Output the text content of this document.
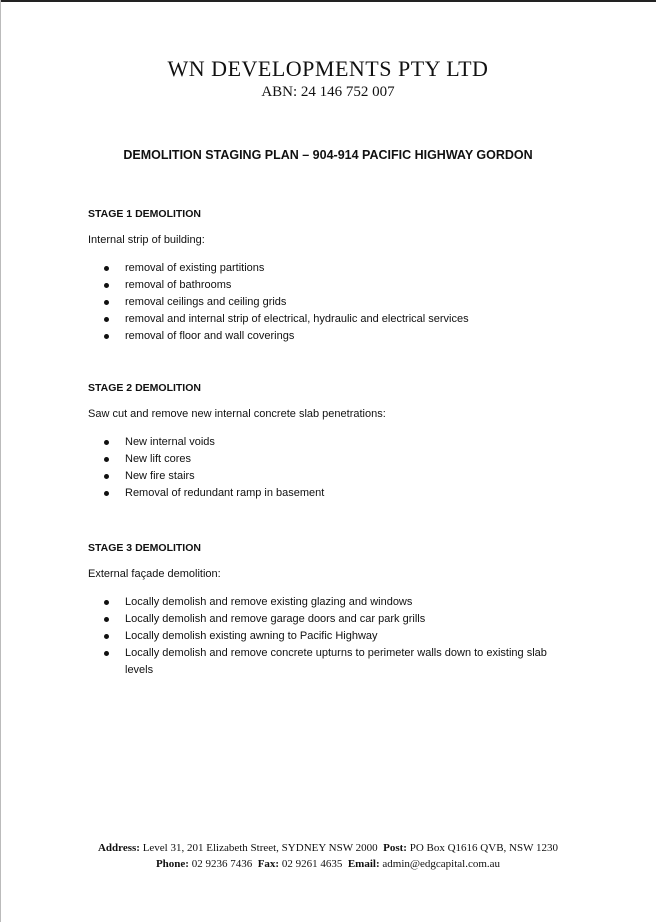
WN DEVELOPMENTS PTY LTD
ABN: 24 146 752 007
DEMOLITION STAGING PLAN – 904-914 PACIFIC HIGHWAY GORDON

STAGE 1 DEMOLITION

Internal strip of building:

removal of existing partitions
removal of bathrooms
removal ceilings and ceiling grids
removal and internal strip of electrical, hydraulic and electrical services
removal of floor and wall coverings

STAGE 2 DEMOLITION

Saw cut and remove new internal concrete slab penetrations:

New internal voids
New lift cores
New fire stairs
Removal of redundant ramp in basement

STAGE 3 DEMOLITION

External façade demolition:

Locally demolish and remove existing glazing and windows
Locally demolish and remove garage doors and car park grills
Locally demolish existing awning to Pacific Highway
Locally demolish and remove concrete upturns to perimeter walls down to existing slab levels
Address: Level 31, 201 Elizabeth Street, SYDNEY NSW 2000 Post: PO Box Q1616 QVB, NSW 1230
Phone: 02 9236 7436 Fax: 02 9261 4635 Email: admin@edgcapital.com.au
